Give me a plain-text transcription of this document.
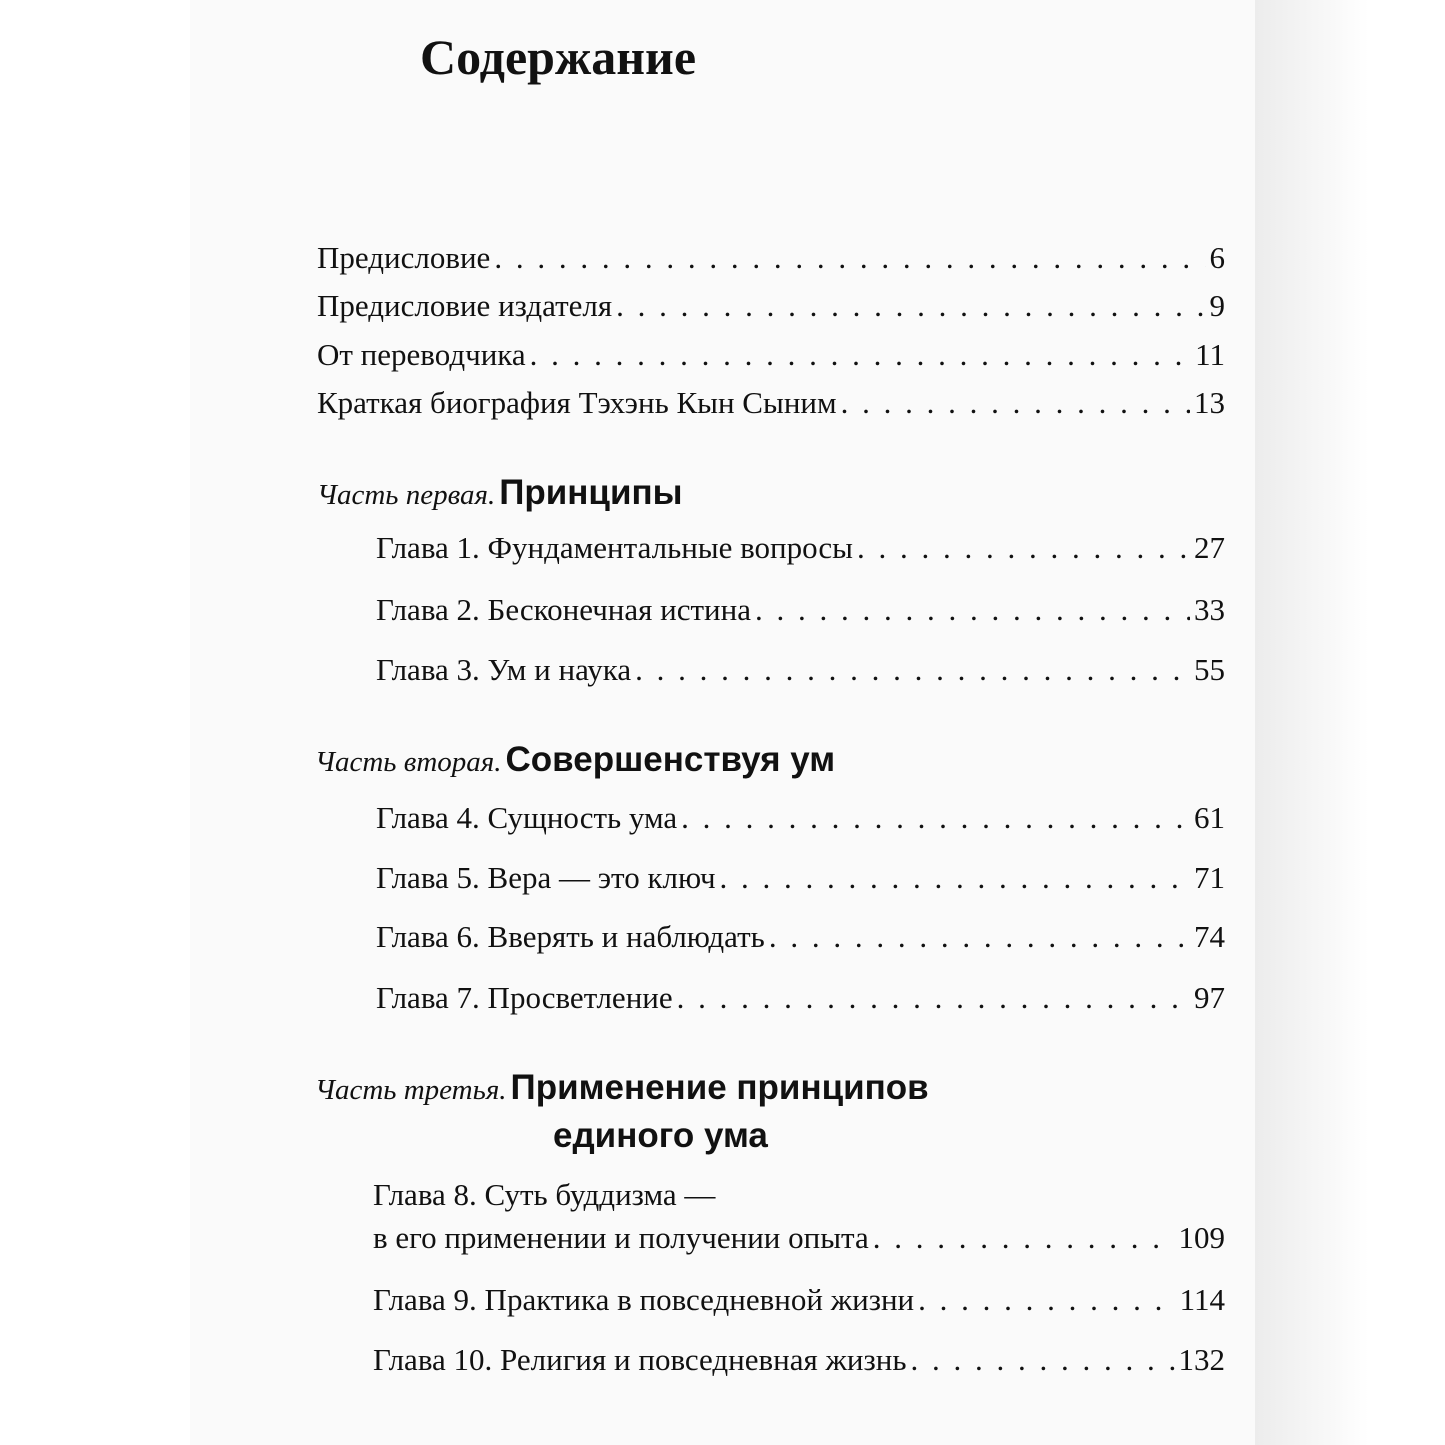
Содержание
Предисловие . . .	6
Предисловие издателя . . .	9
От переводчика . . .	11
Краткая биография Тэхэнь Кын Сыним . . .	13
Часть первая. Принципы
Глава 1. Фундаментальные вопросы . . .	27
Глава 2. Бесконечная истина . . .	33
Глава 3. Ум и наука . . .	55
Часть вторая. Совершенствуя ум
Глава 4. Сущность ума . . .	61
Глава 5. Вера — это ключ . . .	71
Глава 6. Вверять и наблюдать . . .	74
Глава 7. Просветление . . .	97
Часть третья. Применение принципов
единого ума
Глава 8. Суть буддизма —
в его применении и получении опыта . . .	109
Глава 9. Практика в повседневной жизни . . .	114
Глава 10. Религия и повседневная жизнь . . .	132
